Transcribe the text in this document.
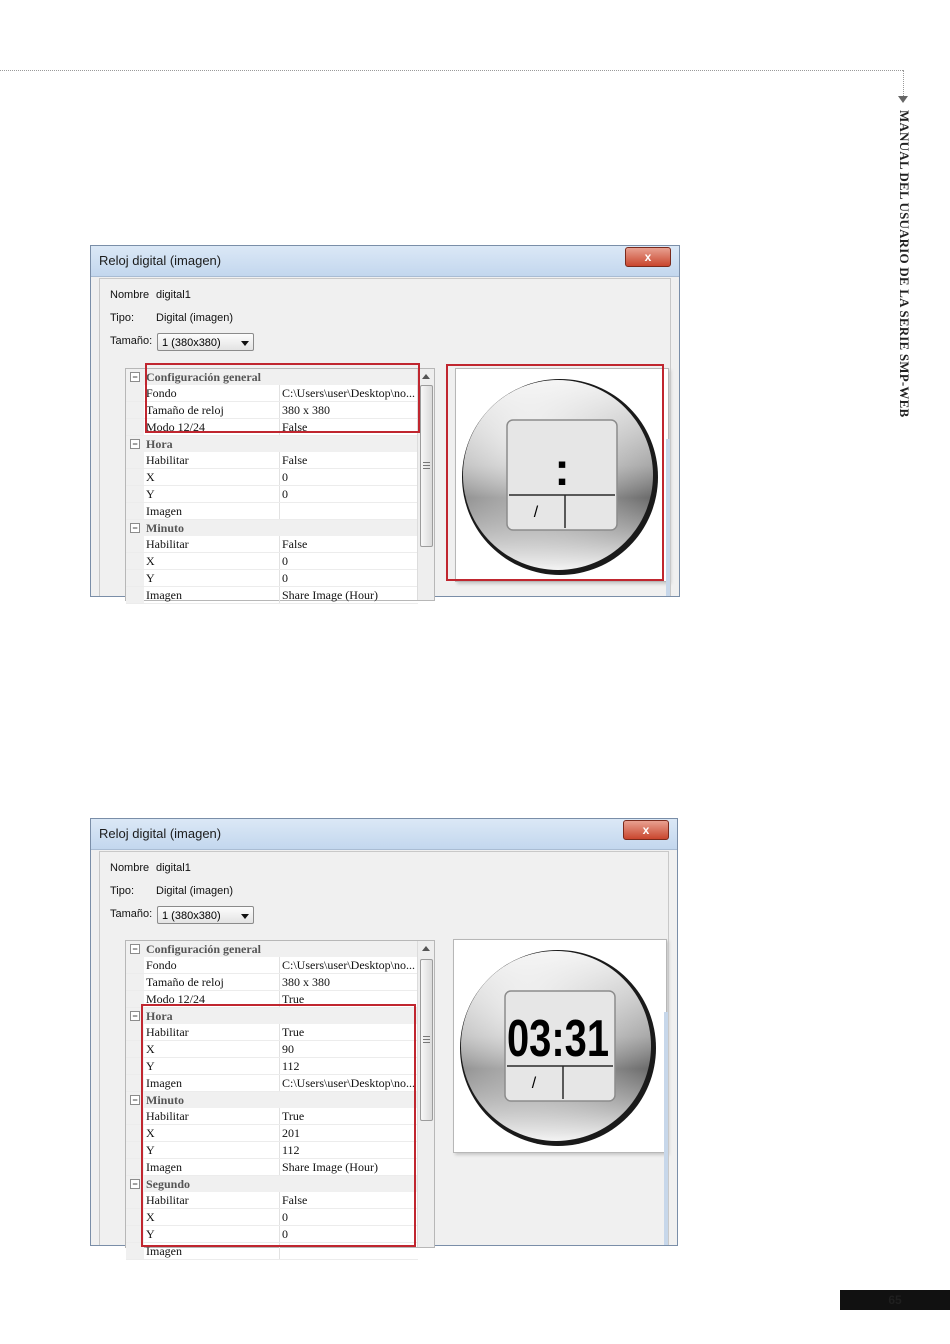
MANUAL DEL USUARIO DE LA SERIE SMP-WEB
Reloj digital (imagen)	x
Nombre digital1
Tipo: Digital (imagen)
Tamaño: 1 (380x380)
− Configuración general
Fondo	C:\Users\user\Desktop\no...
Tamaño de reloj	380 x 380
Modo 12/24	False
− Hora
Habilitar	False
X	0
Y	0
Imagen
− Minuto
Habilitar	False
X	0
Y	0
Imagen	Share Image (Hour)
:
/
Reloj digital (imagen)	x
Nombre digital1
Tipo: Digital (imagen)
Tamaño: 1 (380x380)
− Configuración general
Fondo	C:\Users\user\Desktop\no...
Tamaño de reloj	380 x 380
Modo 12/24	True
− Hora
Habilitar	True
X	90
Y	112
Imagen	C:\Users\user\Desktop\no...
− Minuto
Habilitar	True
X	201
Y	112
Imagen	Share Image (Hour)
− Segundo
Habilitar	False
X	0
Y	0
Imagen
03:31
/
65
